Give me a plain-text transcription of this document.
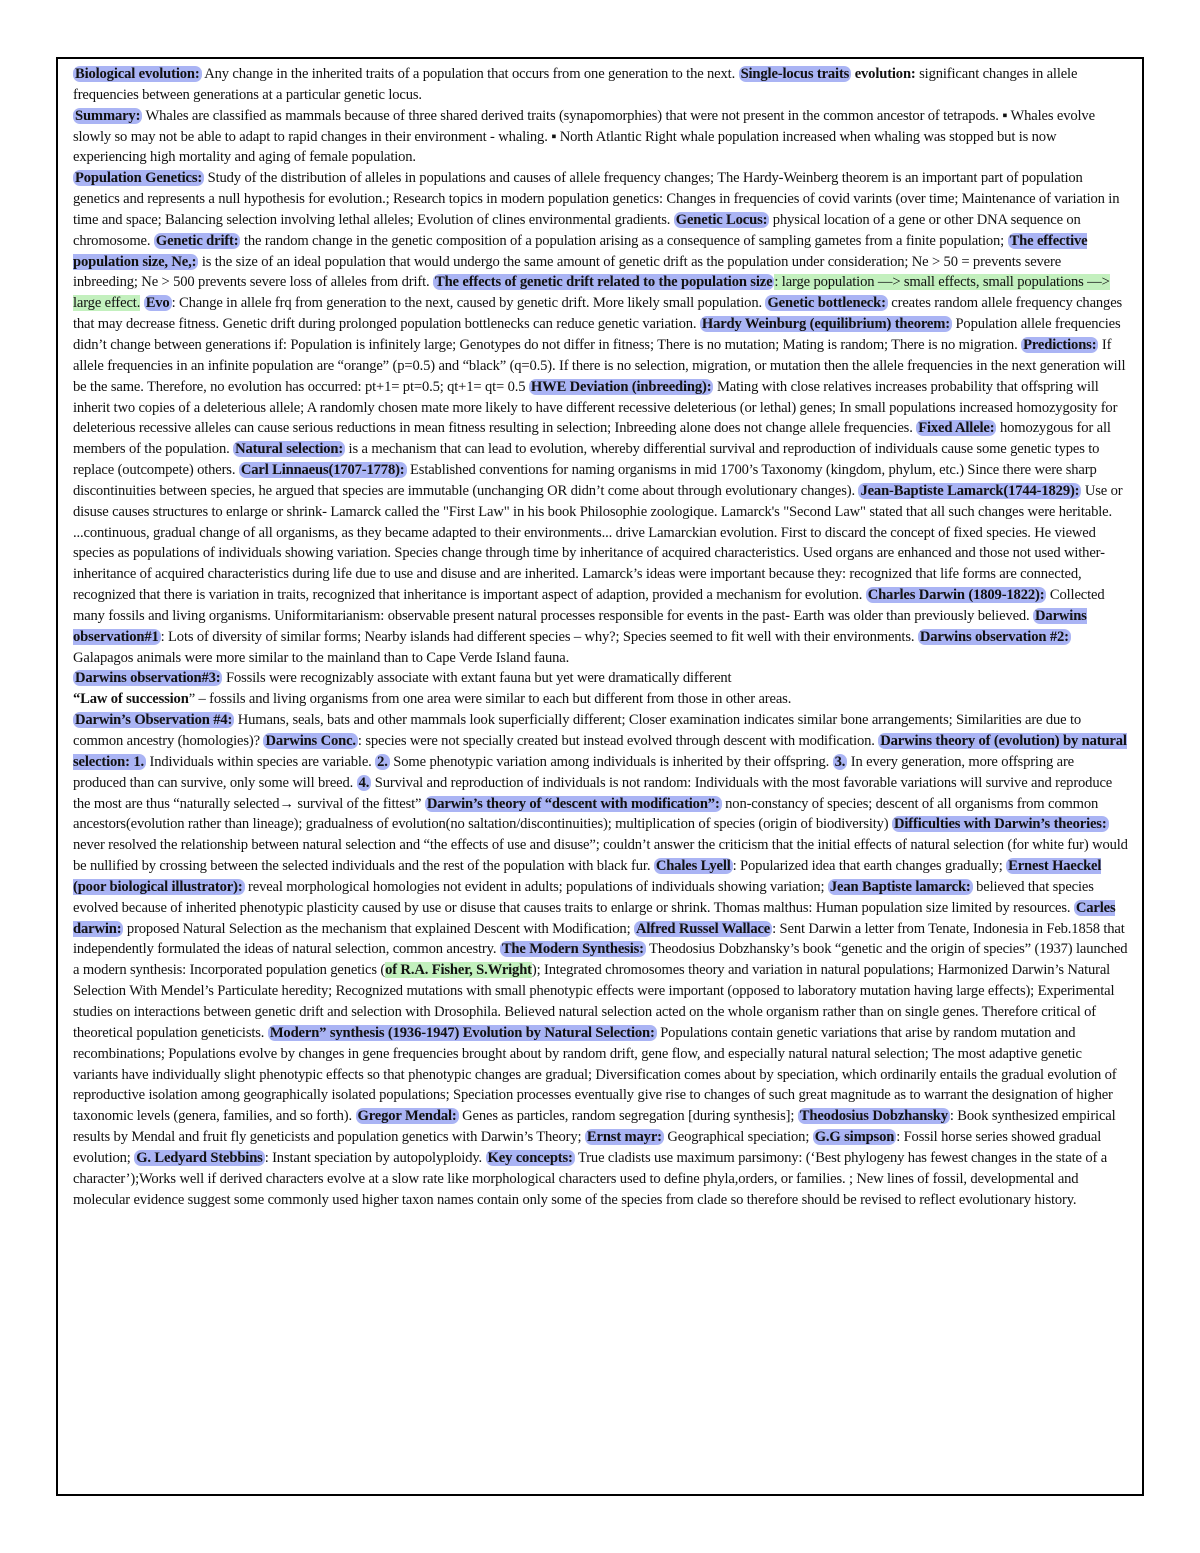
Biological evolution: Any change in the inherited traits of a population that occurs from one generation to the next. Single-locus traits evolution: significant changes in allele frequencies between generations at a particular genetic locus.
Summary: Whales are classified as mammals because of three shared derived traits (synapomorphies) that were not present in the common ancestor of tetrapods. ▪ Whales evolve slowly so may not be able to adapt to rapid changes in their environment - whaling. ▪ North Atlantic Right whale population increased when whaling was stopped but is now experiencing high mortality and aging of female population.
Population Genetics: Study of the distribution of alleles in populations and causes of allele frequency changes; The Hardy-Weinberg theorem is an important part of population genetics and represents a null hypothesis for evolution.; Research topics in modern population genetics: Changes in frequencies of covid varints (over time; Maintenance of variation in time and space; Balancing selection involving lethal alleles; Evolution of clines environmental gradients. Genetic Locus: physical location of a gene or other DNA sequence on chromosome. Genetic drift: the random change in the genetic composition of a population arising as a consequence of sampling gametes from a finite population; The effective population size, Ne,: is the size of an ideal population that would undergo the same amount of genetic drift as the population under consideration; Ne > 50 = prevents severe inbreeding; Ne > 500 prevents severe loss of alleles from drift. The effects of genetic drift related to the population size : large population —> small effects, small populations —> large effect. Evo : Change in allele frq from generation to the next, caused by genetic drift. More likely small population. Genetic bottleneck: creates random allele frequency changes that may decrease fitness. Genetic drift during prolonged population bottlenecks can reduce genetic variation. Hardy Weinburg (equilibrium) theorem: Population allele frequencies didn’t change between generations if: Population is infinitely large; Genotypes do not differ in fitness; There is no mutation; Mating is random; There is no migration. Predictions: If allele frequencies in an infinite population are “orange” (p=0.5) and “black” (q=0.5). If there is no selection, migration, or mutation then the allele frequencies in the next generation will be the same. Therefore, no evolution has occurred: pt+1= pt=0.5; qt+1= qt= 0.5 HWE Deviation (inbreeding): Mating with close relatives increases probability that offspring will inherit two copies of a deleterious allele; A randomly chosen mate more likely to have different recessive deleterious (or lethal) genes; In small populations increased homozygosity for deleterious recessive alleles can cause serious reductions in mean fitness resulting in selection; Inbreeding alone does not change allele frequencies. Fixed Allele: homozygous for all members of the population. Natural selection: is a mechanism that can lead to evolution, whereby differential survival and reproduction of individuals cause some genetic types to replace (outcompete) others. Carl Linnaeus(1707-1778): Established conventions for naming organisms in mid 1700’s Taxonomy (kingdom, phylum, etc.) Since there were sharp discontinuities between species, he argued that species are immutable (unchanging OR didn’t come about through evolutionary changes). Jean-Baptiste Lamarck(1744-1829): Use or disuse causes structures to enlarge or shrink- Lamarck called the "First Law" in his book Philosophie zoologique. Lamarck's "Second Law" stated that all such changes were heritable. ...continuous, gradual change of all organisms, as they became adapted to their environments... drive Lamarckian evolution. First to discard the concept of fixed species. He viewed species as populations of individuals showing variation. Species change through time by inheritance of acquired characteristics. Used organs are enhanced and those not used wither- inheritance of acquired characteristics during life due to use and disuse and are inherited. Lamarck’s ideas were important because they: recognized that life forms are connected, recognized that there is variation in traits, recognized that inheritance is important aspect of adaption, provided a mechanism for evolution. Charles Darwin (1809-1822): Collected many fossils and living organisms. Uniformitarianism: observable present natural processes responsible for events in the past- Earth was older than previously believed. Darwins observation#1 : Lots of diversity of similar forms; Nearby islands had different species – why?; Species seemed to fit well with their environments. Darwins observation #2: Galapagos animals were more similar to the mainland than to Cape Verde Island fauna.
Darwins observation#3: Fossils were recognizably associate with extant fauna but yet were dramatically different
“Law of succession” – fossils and living organisms from one area were similar to each but different from those in other areas.
Darwin’s Observation #4: Humans, seals, bats and other mammals look superficially different; Closer examination indicates similar bone arrangements; Similarities are due to common ancestry (homologies)? Darwins Conc. : species were not specially created but instead evolved through descent with modification. Darwins theory of (evolution) by natural selection: 1. Individuals within species are variable. 2. Some phenotypic variation among individuals is inherited by their offspring. 3. In every generation, more offspring are produced than can survive, only some will breed. 4. Survival and reproduction of individuals is not random: Individuals with the most favorable variations will survive and reproduce the most are thus “naturally selected→ survival of the fittest” Darwin’s theory of “descent with modification”: non-constancy of species; descent of all organisms from common ancestors(evolution rather than lineage); gradualness of evolution(no saltation/discontinuities); multiplication of species (origin of biodiversity) Difficulties with Darwin’s theories: never resolved the relationship between natural selection and “the effects of use and disuse”; couldn’t answer the criticism that the initial effects of natural selection (for white fur) would be nullified by crossing between the selected individuals and the rest of the population with black fur. Chales Lyell : Popularized idea that earth changes gradually; Ernest Haeckel (poor biological illustrator): reveal morphological homologies not evident in adults; populations of individuals showing variation; Jean Baptiste lamarck: believed that species evolved because of inherited phenotypic plasticity caused by use or disuse that causes traits to enlarge or shrink. Thomas malthus: Human population size limited by resources. Carles darwin: proposed Natural Selection as the mechanism that explained Descent with Modification; Alfred Russel Wallace : Sent Darwin a letter from Tenate, Indonesia in Feb.1858 that independently formulated the ideas of natural selection, common ancestry. The Modern Synthesis: Theodosius Dobzhansky’s book “genetic and the origin of species” (1937) launched a modern synthesis: Incorporated population genetics (of R.A. Fisher, S.Wright); Integrated chromosomes theory and variation in natural populations; Harmonized Darwin’s Natural Selection With Mendel’s Particulate heredity; Recognized mutations with small phenotypic effects were important (opposed to laboratory mutation having large effects); Experimental studies on interactions between genetic drift and selection with Drosophila. Believed natural selection acted on the whole organism rather than on single genes. Therefore critical of theoretical population geneticists. Modern” synthesis (1936-1947) Evolution by Natural Selection: Populations contain genetic variations that arise by random mutation and recombinations; Populations evolve by changes in gene frequencies brought about by random drift, gene flow, and especially natural natural selection; The most adaptive genetic variants have individually slight phenotypic effects so that phenotypic changes are gradual; Diversification comes about by speciation, which ordinarily entails the gradual evolution of reproductive isolation among geographically isolated populations; Speciation processes eventually give rise to changes of such great magnitude as to warrant the designation of higher taxonomic levels (genera, families, and so forth). Gregor Mendal: Genes as particles, random segregation [during synthesis]; Theodosius Dobzhansky : Book synthesized empirical results by Mendal and fruit fly geneticists and population genetics with Darwin’s Theory; Ernst mayr: Geographical speciation; G.G simpson : Fossil horse series showed gradual evolution; G. Ledyard Stebbins : Instant speciation by autopolyploidy. Key concepts: True cladists use maximum parsimony: (‘Best phylogeny has fewest changes in the state of a character’);Works well if derived characters evolve at a slow rate like morphological characters used to define phyla,orders, or families. ; New lines of fossil, developmental and molecular evidence suggest some commonly used higher taxon names contain only some of the species from clade so therefore should be revised to reflect evolutionary history.
